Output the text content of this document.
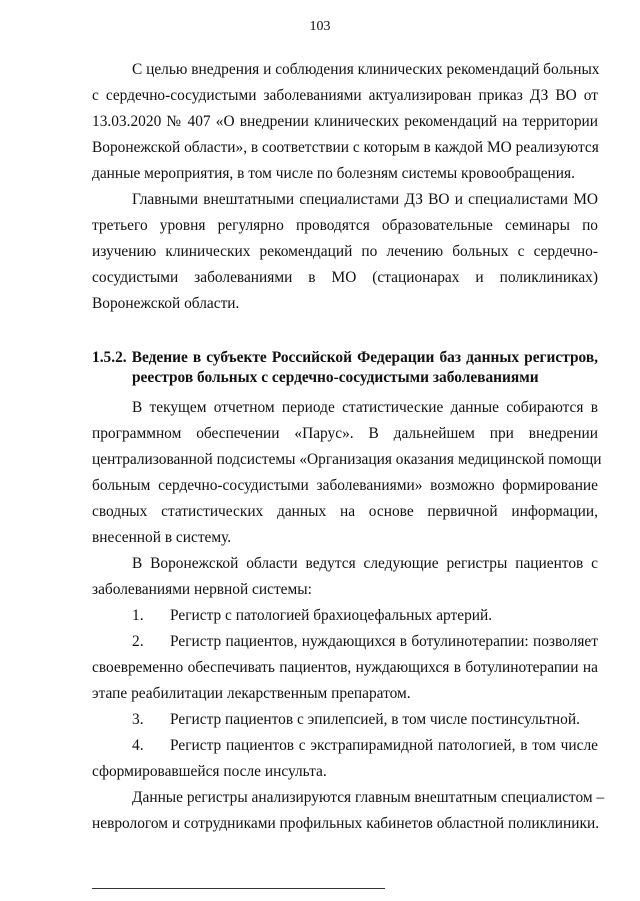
103
С целью внедрения и соблюдения клинических рекомендаций больных
с сердечно-сосудистыми заболеваниями актуализирован приказ ДЗ ВО от
13.03.2020 № 407 «О внедрении клинических рекомендаций на территории
Воронежской области», в соответствии с которым в каждой МО реализуются
данные мероприятия, в том числе по болезням системы кровообращения.
Главными внештатными специалистами ДЗ ВО и специалистами МО
третьего уровня регулярно проводятся образовательные семинары по
изучению клинических рекомендаций по лечению больных с сердечно-
сосудистыми заболеваниями в МО (стационарах и поликлиниках)
Воронежской области.
1.5.2. Ведение в субъекте Российской Федерации баз данных регистров,
реестров больных с сердечно-сосудистыми заболеваниями
В текущем отчетном периоде статистические данные собираются в
программном обеспечении «Парус». В дальнейшем при внедрении
централизованной подсистемы «Организация оказания медицинской помощи
больным сердечно-сосудистыми заболеваниями» возможно формирование
сводных статистических данных на основе первичной информации,
внесенной в систему.
В Воронежской области ведутся следующие регистры пациентов с
заболеваниями нервной системы:
1. Регистр с патологией брахиоцефальных артерий.
2. Регистр пациентов, нуждающихся в ботулинотерапии: позволяет
своевременно обеспечивать пациентов, нуждающихся в ботулинотерапии на
этапе реабилитации лекарственным препаратом.
3. Регистр пациентов с эпилепсией, в том числе постинсультной.
4. Регистр пациентов с экстрапирамидной патологией, в том числе
сформировавшейся после инсульта.
Данные регистры анализируются главным внештатным специалистом –
неврологом и сотрудниками профильных кабинетов областной поликлиники.
